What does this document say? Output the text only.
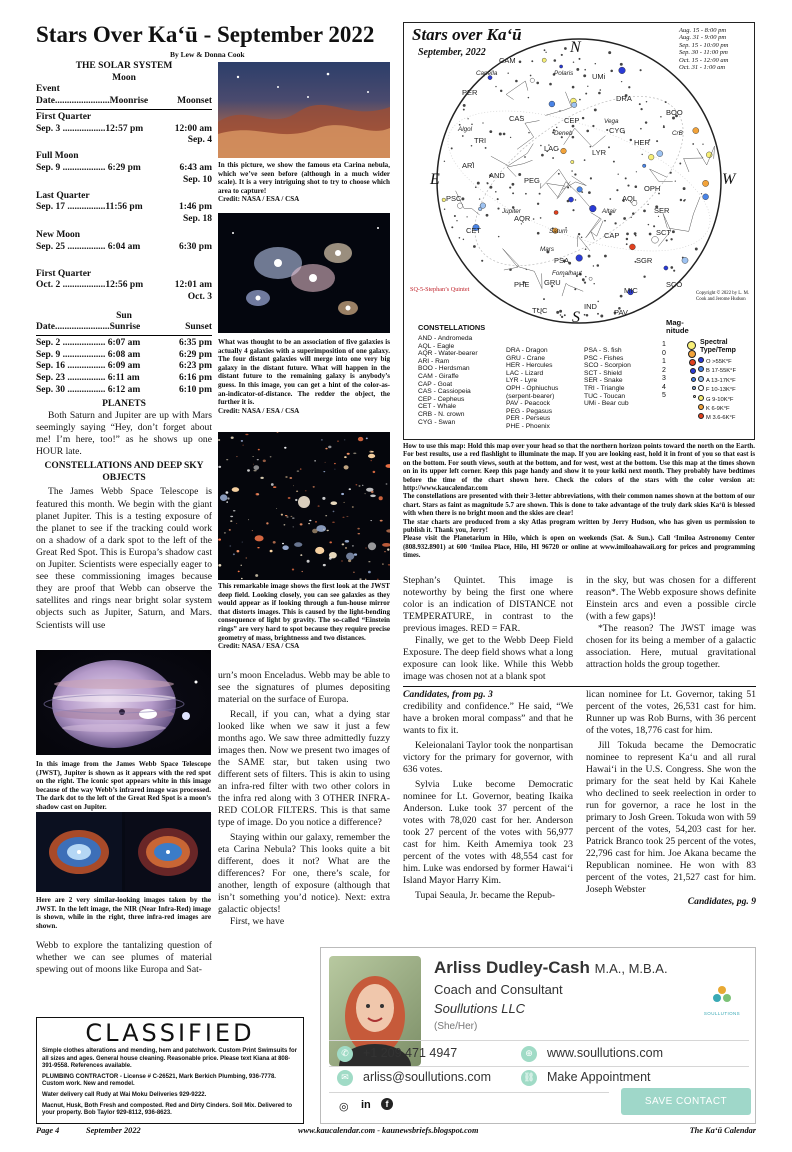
Stars Over Kaʻū - September 2022
By Lew & Donna Cook
THE SOLAR SYSTEM
Moon
Event
Date.......................Moonrise	Moonset
First Quarter
Sep. 3 ..................12:57 pm	12:00 am
Sep. 4
Full Moon
Sep. 9 .................. 6:29 pm	6:43 am
Sep. 10
Last Quarter
Sep. 17 ................11:56 pm	1:46 pm
Sep. 18
New Moon
Sep. 25 ................ 6:04 am	6:30 pm
First Quarter
Oct. 2 ..................12:56 pm	12:01 am
Oct. 3
Sun
Date.......................Sunrise	Sunset
Sep. 2 .................. 6:07 am	6:35 pm
Sep. 9 .................. 6:08 am	6:29 pm
Sep. 16 ................ 6:09 am	6:23 pm
Sep. 23 ................ 6:11 am	6:16 pm
Sep. 30 ................ 6:12 am	6:10 pm
PLANETS
Both Saturn and Jupiter are up with Mars seemingly saying “Hey, don’t forget about me! I’m here, too!” as he shows up one HOUR late.
CONSTELLATIONS AND DEEP SKY OBJECTS
The James Webb Space Telescope is featured this month. We begin with the giant planet Jupiter. This is a testing exposure of the planet to see if the tracking could work on a shadow of a dark spot to the left of the Great Red Spot. This is Europa’s shadow cast on Jupiter. Scientists were especially eager to see these commissioning images because they are proof that Webb can observe the satellites and rings near bright solar system objects such as Jupiter, Saturn, and Mars. Scientists will use
In this image from the James Webb Space Telescope (JWST), Jupiter is shown as it appears with the red spot on the right. The iconic spot appears white in this image because of the way Webb’s infrared image was processed. The dark dot to the left of the Great Red Spot is a moon’s shadow cast on Jupiter.
Here are 2 very similar-looking images taken by the JWST. In the left image, the NIR (Near Infra-Red) image is shown, while in the right, three infra-red images are shown.
Webb to explore the tantalizing question of whether we can see plumes of material spewing out of moons like Europa and Sat-
In this picture, we show the famous eta Carina nebula, which we’ve seen before (although in a much wider scale). It is a very intriguing shot to try to choose which area to capture!
Credit: NASA / ESA / CSA
What was thought to be an association of five galaxies is actually 4 galaxies with a superimposition of one galaxy. The four distant galaxies will merge into one very big galaxy in the distant future. What will happen in the distant future to the remaining galaxy is anybody’s guess. In this image, you can get a hint of the color-as-an-indicator-of-distance. The redder the object, the further it is.
Credit: NASA / ESA / CSA
This remarkable image shows the first look at the JWST deep field. Looking closely, you can see galaxies as they would appear as if looking through a fun-house mirror that distorts images. This is caused by the light-bending consequence of light by gravity. The so-called “Einstein rings” are very hard to spot because they require precise geometry of mass, brightnesss and two distances.
Credit: NASA / ESA / CSA
urn’s moon Enceladus. Webb may be able to see the signatures of plumes depositing material on the surface of Europa.
Recall, if you can, what a dying star looked like when we saw it just a few months ago. We saw three admittedly fuzzy images then. Now we present two images of the SAME star, but taken using two different sets of filters. This is akin to using an infra-red filter with two other colors in the infra red along with 3 OTHER INFRA-RED COLOR FILTERS. This is that same type of image. Do you notice a difference?
Staying within our galaxy, remember the eta Carina Nebula? This looks quite a bit different, does it not? What are the differences? For one, there’s scale, for another, length of exposure (although that isn’t something you’d notice). Next: extra galactic objects!
First, we have
CAM
Polaris	UMi
DRA
PER
CAS	CEP
TRI
ARI
AND
CYG
LYR
HER
CrB
BOO
PEG
LAC
Vega
Deneb
PSC
CET
AQR
AQL
Altair	SER
OPH
Jupiter
Saturn
Mars
CAP
PSA
Fomalhaut
SCT
SGR
SCO
GRU
PHE
TUC	IND
PAV
MIC
Algol
Capella
Stars over Kaʻū
September, 2022
Aug. 15 - 8:00 pm
Aug. 31 - 9:00 pm
Sep. 15 - 10:00 pm
Sep. 30 - 11:00 pm
Oct. 15 - 12:00 am
Oct. 31 - 1:00 am
N
S
E	W
SQ-5-Stephan’s Quintet
Copyright © 2022 by L. M. Cook and Jerome Hudson
CONSTELLATIONS
AND - Andromeda
AQL - Eagle
AQR - Water-bearer
ARI - Ram
BOO - Herdsman
CAM - Giraffe
CAP - Goat
CAS - Cassiopeia
CEP - Cepheus
CET - Whale
CRB - N. crown
CYG - Swan
DRA - Dragon
GRU - Crane
HER - Hercules
LAC - Lizard
LYR - Lyre
OPH - Ophiuchus
(serpent-bearer)
PAV - Peacock
PEG - Pegasus
PER - Perseus
PHE - Phoenix
PSA - S. fish
PSC - Fishes
SCO - Scorpion
SCT - Shield
SER - Snake
TRI - Triangle
TUC - Toucan
UMi - Bear cub
Mag-nitude
Spectral Type/Temp
1
0
1
2
3
4
5
O >55K°F
B 17-55K°F
A 13-17K°F
F 10-13K°F
G 9-10K°F
K 6-9K°F
M 3.6-6K°F
How to use this map: Hold this map over your head so that the northern horizon points toward the north on the Earth. For best results, use a red flashlight to illuminate the map. If you are looking east, hold it in front of you so that east is on the bottom. For south views, south at the bottom, and for west, west at the bottom. Use this map at the times shown on in its upper left corner. Keep this page handy and show it to your keiki next month. They probably have bedtimes before the time of the chart shown here. Check the colors of the stars with the color version at: http://www.kaucalendar.com
The constellations are presented with their 3-letter abbreviations, with their common names shown at the bottom of our chart. Stars as faint as magnitude 5.7 are shown. This is done to take advantage of the truly dark skies Kaʻū is blessed with when there is no bright moon and the skies are clear!
The star charts are produced from a sky Atlas program written by Jerry Hudson, who has given us permission to publish it. Thank you, Jerry!
Please visit the Planetarium in Hilo, which is open on weekends (Sat. & Sun.). Call ʻImiloa Astronomy Center (808.932.8901) at 600 ʻImiloa Place, Hilo, HI 96720 or online at www.imiloahawaii.org for prices and programming times.
Stephan’s Quintet. This image is noteworthy by being the first one where color is an indication of DISTANCE not TEMPERATURE, in contrast to the previous images. RED = FAR.
Finally, we get to the Webb Deep Field Exposure. The deep field shows what a long exposure can look like. While this Webb image was chosen not at a blank spot
in the sky, but was chosen for a different reason*. The Webb exposure shows definite Einstein arcs and even a possible circle (with a few gaps)!
*The reason? The JWST image was chosen for its being a member of a galactic association. Here, mutual gravitational attraction holds the group together.
Candidates, from pg. 3
credibility and confidence.” He said, “We have a broken moral compass” and that he wants to fix it.
Keleionalani Taylor took the nonpartisan victory for the primary for governor, with 636 votes.
Sylvia Luke become Democratic nominee for Lt. Governor, beating Ikaika Anderson. Luke took 37 percent of the votes with 78,020 cast for her. Anderson took 27 percent of the votes with 56,977 cast for him. Keith Amemiya took 23 percent of the votes with 48,554 cast for him. Luke was endorsed by former Hawaiʻi Island Mayor Harry Kim.
Tupai Seaula, Jr. became the Repub-
lican nominee for Lt. Governor, taking 51 percent of the votes, 26,531 cast for him. Runner up was Rob Burns, with 36 percent of the votes, 18,776 cast for him.
Jill Tokuda became the Democratic nominee to represent Kaʻu and all rural Hawaiʻi in the U.S. Congress. She won the primary for the seat held by Kai Kahele who declined to seek reelection in order to run for governor, a race he lost in the primary to Josh Green. Tokuda won with 59 percent of the votes, 54,203 cast for her. Patrick Branco took 25 percent of the votes, 22,796 cast for him. Joe Akana became the Republican nominee. He won with 83 percent of the votes, 21,527 cast for him. Joseph Webster
Candidates, pg. 9
CLASSIFIED
Simple clothes alterations and mending, hem and patchwork. Custom Print Swimsuits for all sizes and ages. General house cleaning. Reasonable price. Please text Kiana at 808-391-9558. References available.
PLUMBING CONTRACTOR - License # C-26521, Mark Berkich Plumbing, 936-7778. Custom work. New and remodel.
Water delivery call Rudy at Wai Moku Deliveries 929-9222.
Macnut, Husk, Both Fresh and composted. Red and Dirty Cinders. Soil Mix. Delivered to your property. Bob Taylor 929-8112, 936-8623.
Arliss Dudley-Cash M.A., M.B.A.
Coach and Consultant
Soullutions LLC
(She/Her)
SOULLUTIONS
✆	+1 209 471 4947	⊕	www.soullutions.com
✉	arliss@soullutions.com	⛓ Make Appointment
◎ in	f	SAVE CONTACT
Page 4	September 2022	www.kaucalendar.com - kaunewsbriefs.blogspot.com	The Kaʻū Calendar
